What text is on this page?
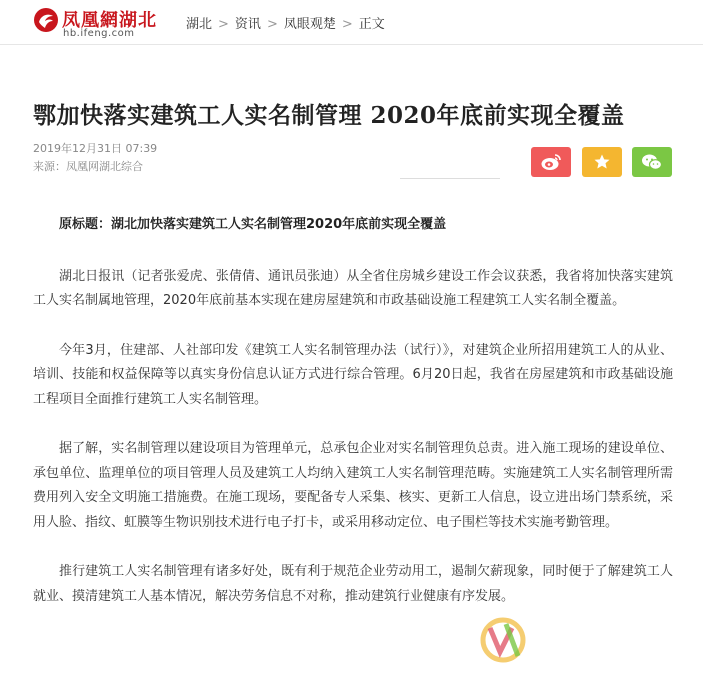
凤凰網湖北
hb.ifeng.com
湖北 > 资讯 > 凤眼观楚 > 正文
鄂加快落实建筑工人实名制管理 2020年底前实现全覆盖
2019年12月31日 07:39
来源：凤凰网湖北综合

原标题：湖北加快落实建筑工人实名制管理2020年底前实现全覆盖

湖北日报讯（记者张爱虎、张倩倩、通讯员张迪）从全省住房城乡建设工作会议获悉，我省将加快落实建筑工人实名制属地管理，2020年底前基本实现在建房屋建筑和市政基础设施工程建筑工人实名制全覆盖。

今年3月，住建部、人社部印发《建筑工人实名制管理办法（试行）》，对建筑企业所招用建筑工人的从业、培训、技能和权益保障等以真实身份信息认证方式进行综合管理。6月20日起，我省在房屋建筑和市政基础设施工程项目全面推行建筑工人实名制管理。

据了解，实名制管理以建设项目为管理单元，总承包企业对实名制管理负总责。进入施工现场的建设单位、承包单位、监理单位的项目管理人员及建筑工人均纳入建筑工人实名制管理范畴。实施建筑工人实名制管理所需费用列入安全文明施工措施费。在施工现场，要配备专人采集、核实、更新工人信息，设立进出场门禁系统，采用人脸、指纹、虹膜等生物识别技术进行电子打卡，或采用移动定位、电子围栏等技术实施考勤管理。

推行建筑工人实名制管理有诸多好处，既有利于规范企业劳动用工，遏制欠薪现象，同时便于了解建筑工人就业、摸清建筑工人基本情况，解决劳务信息不对称，推动建筑行业健康有序发展。
